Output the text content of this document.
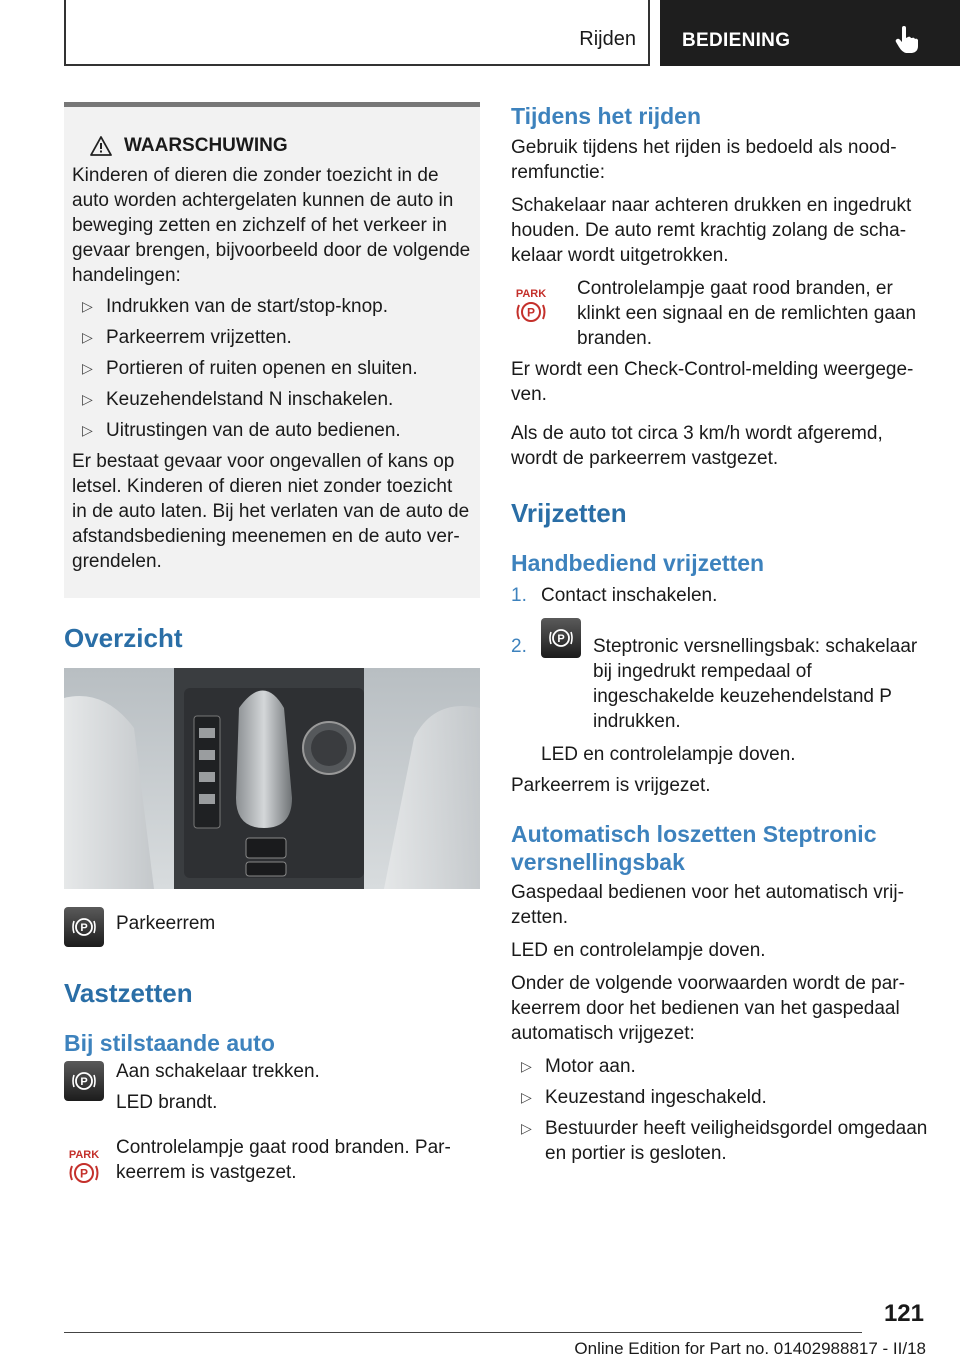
Rijden BEDIENING
WAARSCHUWING

Kinderen of dieren die zonder toezicht in de auto worden achtergelaten kunnen de auto in beweging zetten en zichzelf of het verkeer in gevaar brengen, bijvoorbeeld door de volgende handelingen:

▷ Indrukken van de start/stop-knop.
▷ Parkeerrem vrijzetten.
▷ Portieren of ruiten openen en sluiten.
▷ Keuzehendelstand N inschakelen.
▷ Uitrustingen van de auto bedienen.

Er bestaat gevaar voor ongevallen of kans op letsel. Kinderen of dieren niet zonder toezicht in de auto laten. Bij het verlaten van de auto de afstandsbediening meenemen en de auto vergrendelen.

Overzicht
P Parkeerrem
Vastzetten
Bij stilstaande auto
P Aan schakelaar trekken.

LED brandt.

PARK
P
Controlelampje gaat rood branden. Parkeerrem is vastgezet.
Tijdens het rijden

Gebruik tijdens het rijden is bedoeld als noodremfunctie:

Schakelaar naar achteren drukken en ingedrukt houden. De auto remt krachtig zolang de schakelaar wordt uitgetrokken.

PARK
P
Controlelampje gaat rood branden, er klinkt een signaal en de remlichten gaan branden.

Er wordt een Check-Control-melding weergegeven.

Als de auto tot circa 3 km/h wordt afgeremd, wordt de parkeerrem vastgezet.

Vrijzetten
Handbediend vrijzetten
1. Contact inschakelen.
2.	P Steptronic versnellingsbak: schakelaar bij ingedrukt rempedaal of ingeschakelde keuzehendelstand P indrukken.

LED en controlelampje doven.

Parkeerrem is vrijgezet.

Automatisch loszetten Steptronic versnellingsbak

Gaspedaal bedienen voor het automatisch vrijzetten.

LED en controlelampje doven.

Onder de volgende voorwaarden wordt de parkeerrem door het bedienen van het gaspedaal automatisch vrijgezet:

▷ Motor aan.
▷ Keuzestand ingeschakeld.
▷ Bestuurder heeft veiligheidsgordel omgedaan en portier is gesloten.
121
Online Edition for Part no. 01402988817 - II/18
